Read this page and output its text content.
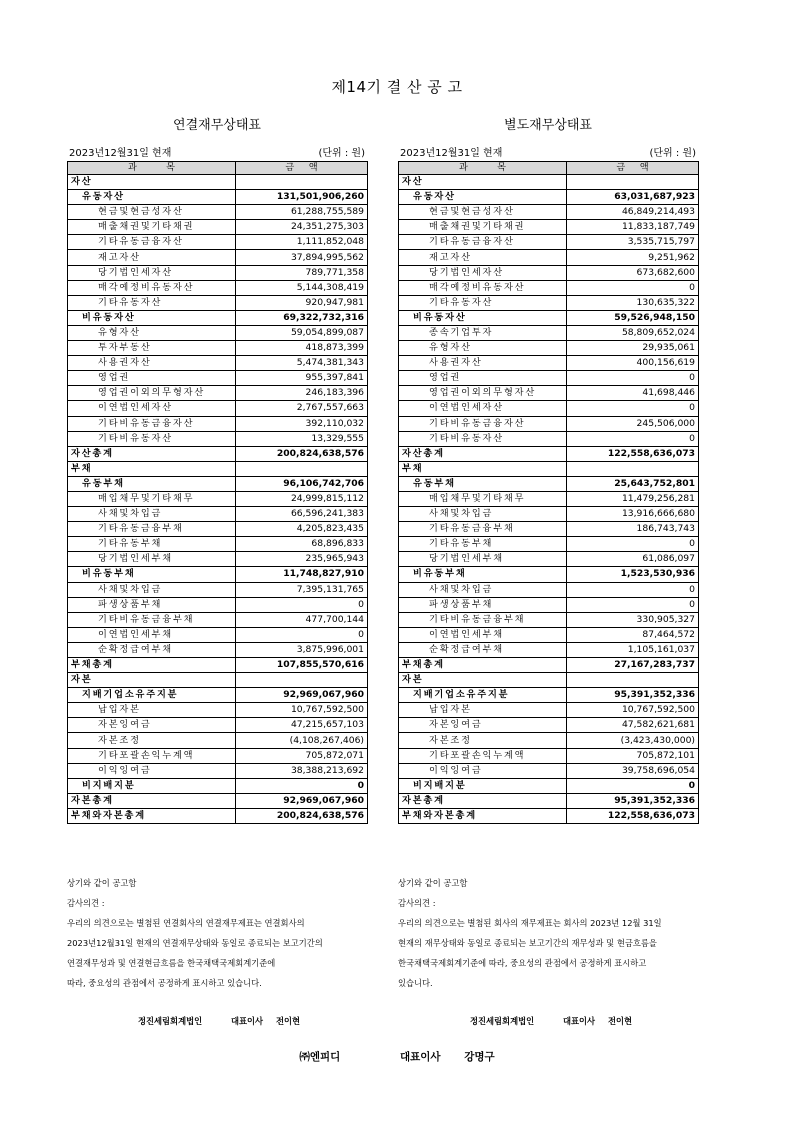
제14기 결 산 공 고
연결재무상태표
2023년12월31일 현재	(단위 : 원)
과          목	금     액

자 산	

유 동 자 산	131,501,906,260

현 금 및 현 금 성 자 산	61,288,755,589

매 출 채 권 및 기 타 채 권	24,351,275,303

기 타 유 동 금 융 자 산	1,111,852,048

재 고 자 산	37,894,995,562

당 기 법 인 세 자 산	789,771,358

매 각 예 정 비 유 동 자 산	5,144,308,419

기 타 유 동 자 산	920,947,981

비 유 동 자 산	69,322,732,316

유 형 자 산	59,054,899,087

투 자 부 동 산	418,873,399

사 용 권 자 산	5,474,381,343

영 업 권	955,397,841

영 업 권 이 외 의 무 형 자 산	246,183,396

이 연 법 인 세 자 산	2,767,557,663

기 타 비 유 동 금 융 자 산	392,110,032

기 타 비 유 동 자 산	13,329,555

자 산 총 계	200,824,638,576

부 채	

유 동 부 채	96,106,742,706

매 입 채 무 및 기 타 채 무	24,999,815,112

사 채 및 차 입 금	66,596,241,383

기 타 유 동 금 융 부 채	4,205,823,435

기 타 유 동 부 채	68,896,833

당 기 법 인 세 부 채	235,965,943

비 유 동 부 채	11,748,827,910

사 채 및 차 입 금	7,395,131,765

파 생 상 품 부 채	0

기 타 비 유 동 금 융 부 채	477,700,144

이 연 법 인 세 부 채	0

순 확 정 급 여 부 채	3,875,996,001

부 채 총 계	107,855,570,616

자 본	

지 배 기 업 소 유 주 지 분	92,969,067,960

납 입 자 본	10,767,592,500

자 본 잉 여 금	47,215,657,103

자 본 조 정	(4,108,267,406)

기 타 포 괄 손 익 누 계 액	705,872,071

이 익 잉 여 금	38,388,213,692

비 지 배 지 분	0

자 본 총 계	92,969,067,960

부 채 와 자 본 총 계	200,824,638,576
별도재무상태표
2023년12월31일 현재	(단위 : 원)
과          목	금     액

자 산	

유 동 자 산	63,031,687,923

현 금 및 현 금 성 자 산	46,849,214,493

매 출 채 권 및 기 타 채 권	11,833,187,749

기 타 유 동 금 융 자 산	3,535,715,797

재 고 자 산	9,251,962

당 기 법 인 세 자 산	673,682,600

매 각 예 정 비 유 동 자 산	0

기 타 유 동 자 산	130,635,322

비 유 동 자 산	59,526,948,150

종 속 기 업 투 자	58,809,652,024

유 형 자 산	29,935,061

사 용 권 자 산	400,156,619

영 업 권	0

영 업 권 이 외 의 무 형 자 산	41,698,446

이 연 법 인 세 자 산	0

기 타 비 유 동 금 융 자 산	245,506,000

기 타 비 유 동 자 산	0

자 산 총 계	122,558,636,073

부 채	

유 동 부 채	25,643,752,801

매 입 채 무 및 기 타 채 무	11,479,256,281

사 채 및 차 입 금	13,916,666,680

기 타 유 동 금 융 부 채	186,743,743

기 타 유 동 부 채	0

당 기 법 인 세 부 채	61,086,097

비 유 동 부 채	1,523,530,936

사 채 및 차 입 금	0

파 생 상 품 부 채	0

기 타 비 유 동 금 융 부 채	330,905,327

이 연 법 인 세 부 채	87,464,572

순 확 정 급 여 부 채	1,105,161,037

부 채 총 계	27,167,283,737

자 본	

지 배 기 업 소 유 주 지 분	95,391,352,336

납 입 자 본	10,767,592,500

자 본 잉 여 금	47,582,621,681

자 본 조 정	(3,423,430,000)

기 타 포 괄 손 익 누 계 액	705,872,101

이 익 잉 여 금	39,758,696,054

비 지 배 지 분	0

자 본 총 계	95,391,352,336

부 채 와 자 본 총 계	122,558,636,073
상기와 같이 공고함
감사의견 :
우리의 의견으로는 별첨된 연결회사의 연결재무제표는 연결회사의
2023년12월31일 현재의 연결재무상태와 동일로 종료되는 보고기간의
연결재무성과 및 연결현금흐름을 한국채택국제회계기준에
따라, 중요성의 관점에서 공정하게 표시하고 있습니다.
상기와 같이 공고함
감사의견 :
우리의 의견으로는 별첨된 회사의 재무제표는 회사의 2023년 12월 31일
현재의 재무상태와 동일로 종료되는 보고기간의 재무성과 및 현금흐름을
한국채택국제회계기준에 따라, 중요성의 관점에서 공정하게 표시하고
있습니다.
정진세림회계법인	대표이사 전이현	정진세림회계법인	대표이사 전이현
㈜엔피디	대표이사 강명구
